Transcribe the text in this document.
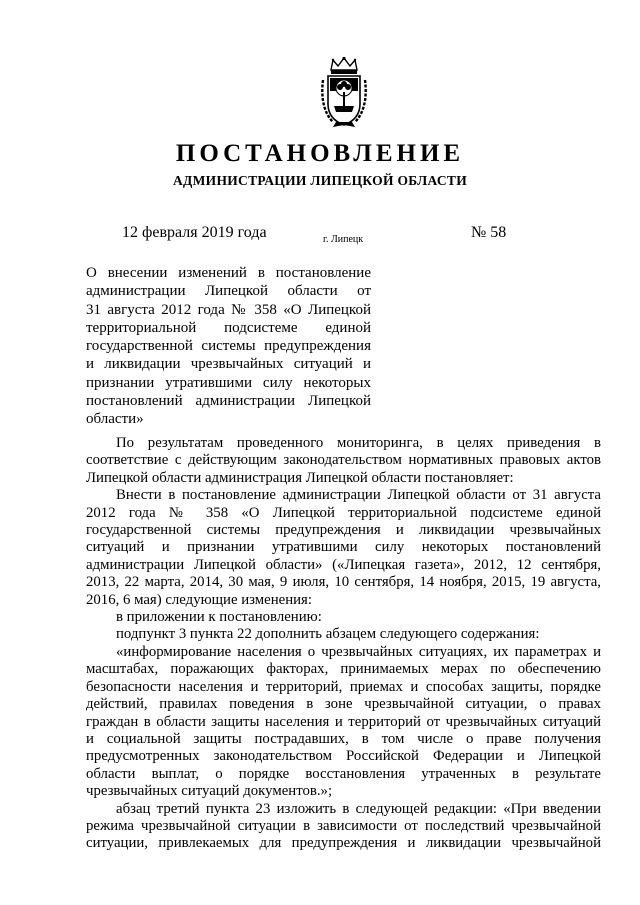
ПОСТАНОВЛЕНИЕ
АДМИНИСТРАЦИИ ЛИПЕЦКОЙ ОБЛАСТИ
12 февраля 2019 года	г. Липецк	№ 58
О внесении изменений в постановление
администрации Липецкой области от
31 августа 2012 года № 358 «О Липецкой
территориальной подсистеме единой
государственной системы предупреждения
и ликвидации чрезвычайных ситуаций и
признании утратившими силу некоторых
постановлений администрации Липецкой
области»
По результатам проведенного мониторинга, в целях приведения в
соответствие с действующим законодательством нормативных правовых актов
Липецкой области администрация Липецкой области постановляет:
Внести в постановление администрации Липецкой области от 31 августа
2012 года № 358 «О Липецкой территориальной подсистеме единой
государственной системы предупреждения и ликвидации чрезвычайных
ситуаций и признании утратившими силу некоторых постановлений
администрации Липецкой области» («Липецкая газета», 2012, 12 сентября,
2013, 22 марта, 2014, 30 мая, 9 июля, 10 сентября, 14 ноября, 2015, 19 августа,
2016, 6 мая) следующие изменения:
в приложении к постановлению:
подпункт 3 пункта 22 дополнить абзацем следующего содержания:
«информирование населения о чрезвычайных ситуациях, их параметрах и
масштабах, поражающих факторах, принимаемых мерах по обеспечению
безопасности населения и территорий, приемах и способах защиты, порядке
действий, правилах поведения в зоне чрезвычайной ситуации, о правах
граждан в области защиты населения и территорий от чрезвычайных ситуаций
и социальной защиты пострадавших, в том числе о праве получения
предусмотренных законодательством Российской Федерации и Липецкой
области выплат, о порядке восстановления утраченных в результате
чрезвычайных ситуаций документов.»;
абзац третий пункта 23 изложить в следующей редакции: «При введении
режима чрезвычайной ситуации в зависимости от последствий чрезвычайной
ситуации, привлекаемых для предупреждения и ликвидации чрезвычайной
